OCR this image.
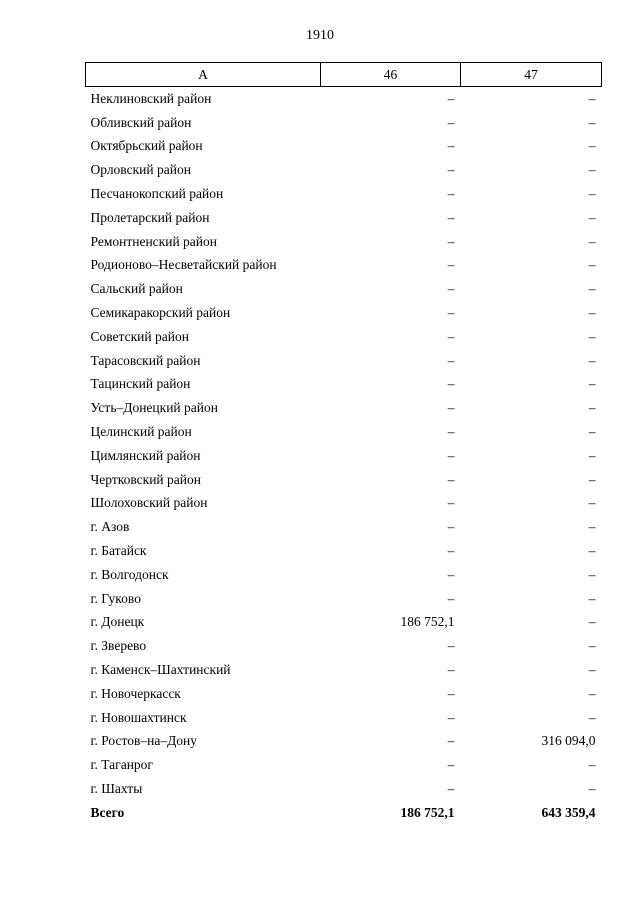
1910
А	46	47
Неклиновский район	–	–
Обливский район	–	–
Октябрьский район	–	–
Орловский район	–	–
Песчанокопский район	–	–
Пролетарский район	–	–
Ремонтненский район	–	–
Родионово–Несветайский район	–	–
Сальский район	–	–
Семикаракорский район	–	–
Советский район	–	–
Тарасовский район	–	–
Тацинский район	–	–
Усть–Донецкий район	–	–
Целинский район	–	–
Цимлянский район	–	–
Чертковский район	–	–
Шолоховский район	–	–
г. Азов	–	–
г. Батайск	–	–
г. Волгодонск	–	–
г. Гуково	–	–
г. Донецк	186 752,1	–
г. Зверево	–	–
г. Каменск–Шахтинский	–	–
г. Новочеркасск	–	–
г. Новошахтинск	–	–
г. Ростов–на–Дону	–	316 094,0
г. Таганрог	–	–
г. Шахты	–	–
Всего	186 752,1	643 359,4
